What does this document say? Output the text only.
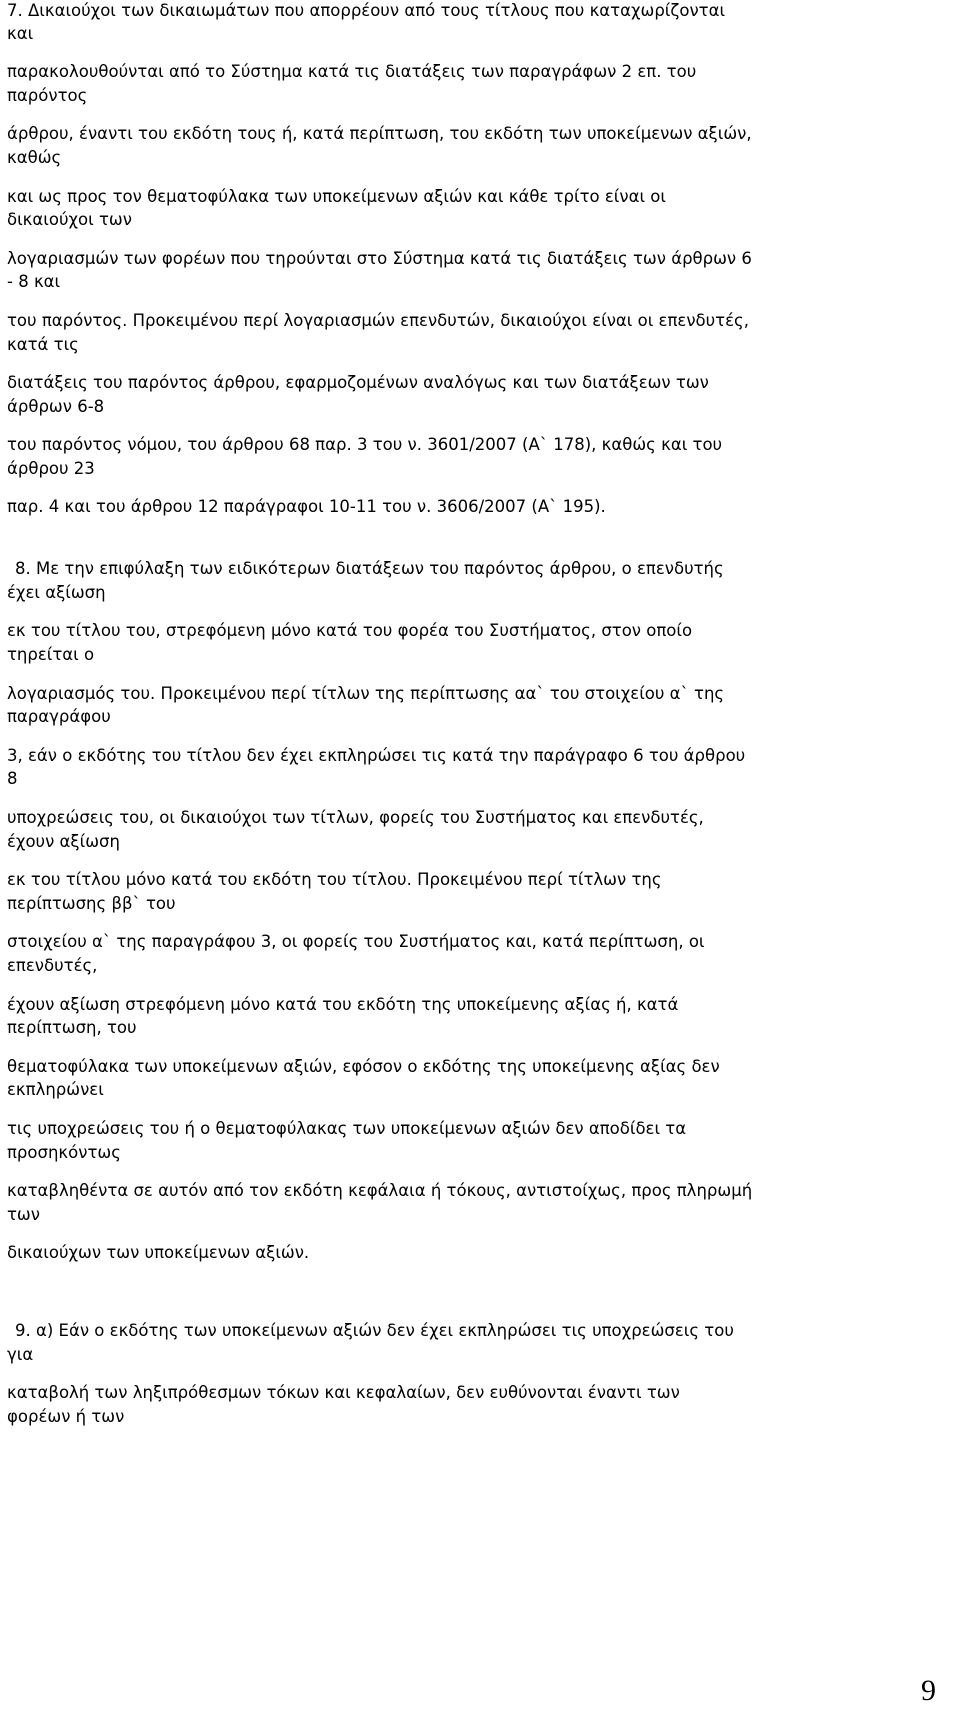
7. Δικαιούχοι των δικαιωμάτων που απορρέουν από τους τίτλους που καταχωρίζονται

και

παρακολουθούνται από το Σύστημα κατά τις διατάξεις των παραγράφων 2 επ. του

παρόντος

άρθρου, έναντι του εκδότη τους ή, κατά περίπτωση, του εκδότη των υποκείμενων αξιών,

καθώς

και ως προς τον θεματοφύλακα των υποκείμενων αξιών και κάθε τρίτο είναι οι

δικαιούχοι των

λογαριασμών των φορέων που τηρούνται στο Σύστημα κατά τις διατάξεις των άρθρων 6

- 8 και

του παρόντος. Προκειμένου περί λογαριασμών επενδυτών, δικαιούχοι είναι οι επενδυτές,

κατά τις

διατάξεις του παρόντος άρθρου, εφαρμοζομένων αναλόγως και των διατάξεων των

άρθρων 6-8

του παρόντος νόμου, του άρθρου 68 παρ. 3 του ν. 3601/2007 (Α` 178), καθώς και του

άρθρου 23

παρ. 4 και του άρθρου 12 παράγραφοι 10-11 του ν. 3606/2007 (Α` 195).

8. Με την επιφύλαξη των ειδικότερων διατάξεων του παρόντος άρθρου, ο επενδυτής

έχει αξίωση

εκ του τίτλου του, στρεφόμενη μόνο κατά του φορέα του Συστήματος, στον οποίο

τηρείται ο

λογαριασμός του. Προκειμένου περί τίτλων της περίπτωσης αα` του στοιχείου α` της

παραγράφου

3, εάν ο εκδότης του τίτλου δεν έχει εκπληρώσει τις κατά την παράγραφο 6 του άρθρου

8

υποχρεώσεις του, οι δικαιούχοι των τίτλων, φορείς του Συστήματος και επενδυτές,

έχουν αξίωση

εκ του τίτλου μόνο κατά του εκδότη του τίτλου. Προκειμένου περί τίτλων της

περίπτωσης ββ` του

στοιχείου α` της παραγράφου 3, οι φορείς του Συστήματος και, κατά περίπτωση, οι

επενδυτές,

έχουν αξίωση στρεφόμενη μόνο κατά του εκδότη της υποκείμενης αξίας ή, κατά

περίπτωση, του

θεματοφύλακα των υποκείμενων αξιών, εφόσον ο εκδότης της υποκείμενης αξίας δεν

εκπληρώνει

τις υποχρεώσεις του ή ο θεματοφύλακας των υποκείμενων αξιών δεν αποδίδει τα

προσηκόντως

καταβληθέντα σε αυτόν από τον εκδότη κεφάλαια ή τόκους, αντιστοίχως, προς πληρωμή

των

δικαιούχων των υποκείμενων αξιών.

9. α) Εάν ο εκδότης των υποκείμενων αξιών δεν έχει εκπληρώσει τις υποχρεώσεις του

για

καταβολή των ληξιπρόθεσμων τόκων και κεφαλαίων, δεν ευθύνονται έναντι των

φορέων ή των

9
